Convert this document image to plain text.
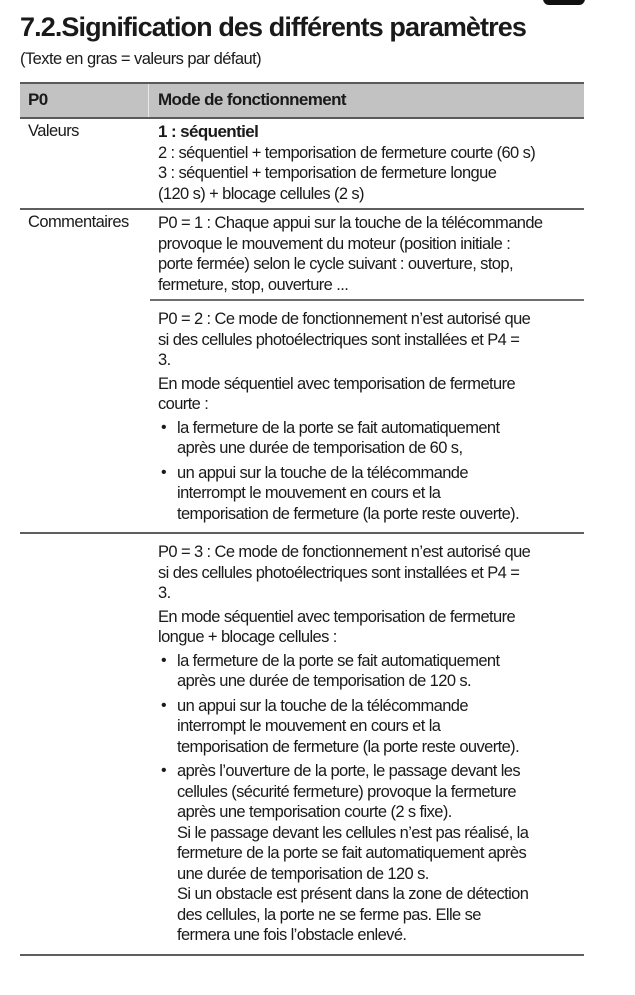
7.2.Signification des différents paramètres
(Texte en gras = valeurs par défaut)
P0	Mode de fonctionnement
Valeurs	1 : séquentiel
2 : séquentiel + temporisation de fermeture courte (60 s)
3 : séquentiel + temporisation de fermeture longue
(120 s) + blocage cellules (2 s)
Commentaires P0 = 1 : Chaque appui sur la touche de la télécommande
provoque le mouvement du moteur (position initiale :
porte fermée) selon le cycle suivant : ouverture, stop,
fermeture, stop, ouverture ...
P0 = 2 : Ce mode de fonctionnement n’est autorisé que
si des cellules photoélectriques sont installées et P4 =
3.
En mode séquentiel avec temporisation de fermeture
courte :
• la fermeture de la porte se fait automatiquement
après une durée de temporisation de 60 s,
• un appui sur la touche de la télécommande
interrompt le mouvement en cours et la
temporisation de fermeture (la porte reste ouverte).
P0 = 3 : Ce mode de fonctionnement n’est autorisé que
si des cellules photoélectriques sont installées et P4 =
3.
En mode séquentiel avec temporisation de fermeture
longue + blocage cellules :
• la fermeture de la porte se fait automatiquement
après une durée de temporisation de 120 s.
• un appui sur la touche de la télécommande
interrompt le mouvement en cours et la
temporisation de fermeture (la porte reste ouverte).
• après l’ouverture de la porte, le passage devant les
cellules (sécurité fermeture) provoque la fermeture
après une temporisation courte (2 s fixe).
Si le passage devant les cellules n’est pas réalisé, la
fermeture de la porte se fait automatiquement après
une durée de temporisation de 120 s.
Si un obstacle est présent dans la zone de détection
des cellules, la porte ne se ferme pas. Elle se
fermera une fois l’obstacle enlevé.
